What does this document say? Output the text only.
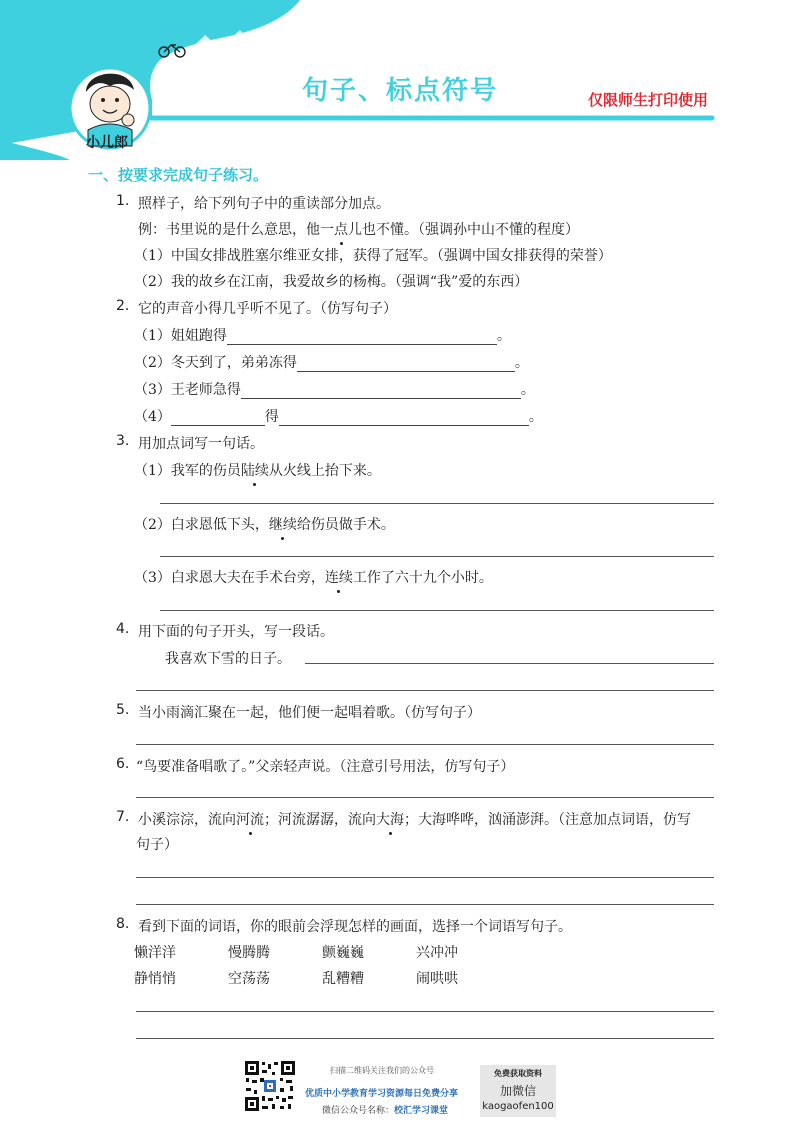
句子、标点符号	仅限师生打印使用
小儿郎
一、按要求完成句子练习。
1. 照样子，给下列句子中的重读部分加点。
例：书里说的是什么意思，他一点儿也不懂。（强调孙中山不懂的程度）
（1）中国女排战胜塞尔维亚女排，获得了冠军。（强调中国女排获得的荣誉）
（2）我的故乡在江南，我爱故乡的杨梅。（强调“我”爱的东西）
2. 它的声音小得几乎听不见了。（仿写句子）
（1）姐姐跑得	。
（2）冬天到了，弟弟冻得	。
（3）王老师急得	。
（4）	得	。
3. 用加点词写一句话。
（1）我军的伤员陆续从火线上抬下来。
（2）白求恩低下头，继续给伤员做手术。
（3）白求恩大夫在手术台旁，连续工作了六十九个小时。
4. 用下面的句子开头，写一段话。
我喜欢下雪的日子。
5. 当小雨滴汇聚在一起，他们便一起唱着歌。（仿写句子）
6. “鸟要准备唱歌了。”父亲轻声说。（注意引号用法，仿写句子）
7. 小溪淙淙，流向河流；河流潺潺，流向大海；大海哗哗，汹涌澎湃。（注意加点词语，仿写
句子）
8. 看到下面的词语，你的眼前会浮现怎样的画面，选择一个词语写句子。
懒洋洋	慢腾腾	颤巍巍	兴冲冲
静悄悄	空荡荡	乱糟糟	闹哄哄
扫描二维码关注我们的公众号
优质中小学教育学习资源每日免费分享
微信公众号名称：校汇学习课堂
免费获取资料
加微信
kaogaofen100
